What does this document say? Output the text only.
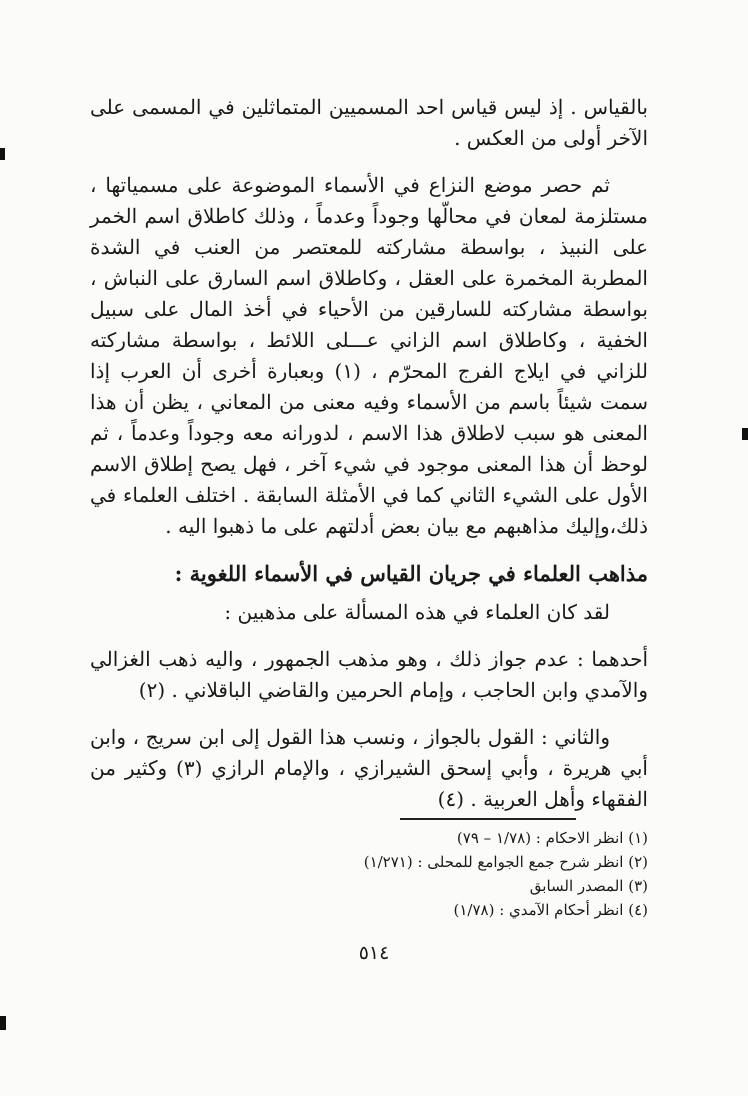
بالقياس . إذ ليس قياس احد المسميين المتماثلين في المسمى على الآخر أولى من العكس .

ثم حصر موضع النزاع في الأسماء الموضوعة على مسمياتها ، مستلزمة لمعان في محالّها وجوداً وعدماً ، وذلك كاطلاق اسم الخمر على النبيذ ، بواسطة مشاركته للمعتصر من العنب في الشدة المطربة المخمرة على العقل ، وكاطلاق اسم السارق على النباش ، بواسطة مشاركته للسارقين من الأحياء في أخذ المال على سبيل الخفية ، وكاطلاق اسم الزاني عـــلى اللائط ، بواسطة مشاركته للزاني في ايلاج الفرج المحرّم ، (١) وبعبارة أخرى أن العرب إذا سمت شيئاً باسم من الأسماء وفيه معنى من المعاني ، يظن أن هذا المعنى هو سبب لاطلاق هذا الاسم ، لدورانه معه وجوداً وعدماً ، ثم لوحظ أن هذا المعنى موجود في شيء آخر ، فهل يصح إطلاق الاسم الأول على الشيء الثاني كما في الأمثلة السابقة . اختلف العلماء في ذلك،وإليك مذاهبهم مع بيان بعض أدلتهم على ما ذهبوا اليه .

مذاهب العلماء في جريان القياس في الأسماء اللغوية :

لقد كان العلماء في هذه المسألة على مذهبين :

أحدهما : عدم جواز ذلك ، وهو مذهب الجمهور ، واليه ذهب الغزالي والآمدي وابن الحاجب ، وإمام الحرمين والقاضي الباقلاني . (٢)

والثاني : القول بالجواز ، ونسب هذا القول إلى ابن سريج ، وابن أبي هريرة ، وأبي إسحق الشيرازي ، والإمام الرازي (٣) وكثير من الفقهاء وأهل العربية . (٤)

(١) انظر الاحكام : (١/٧٨ – ٧٩)
(٢) انظر شرح جمع الجوامع للمحلى : (١/٢٧١)
(٣) المصدر السابق
(٤) انظر أحكام الآمدي : (١/٧٨)
٥١٤
